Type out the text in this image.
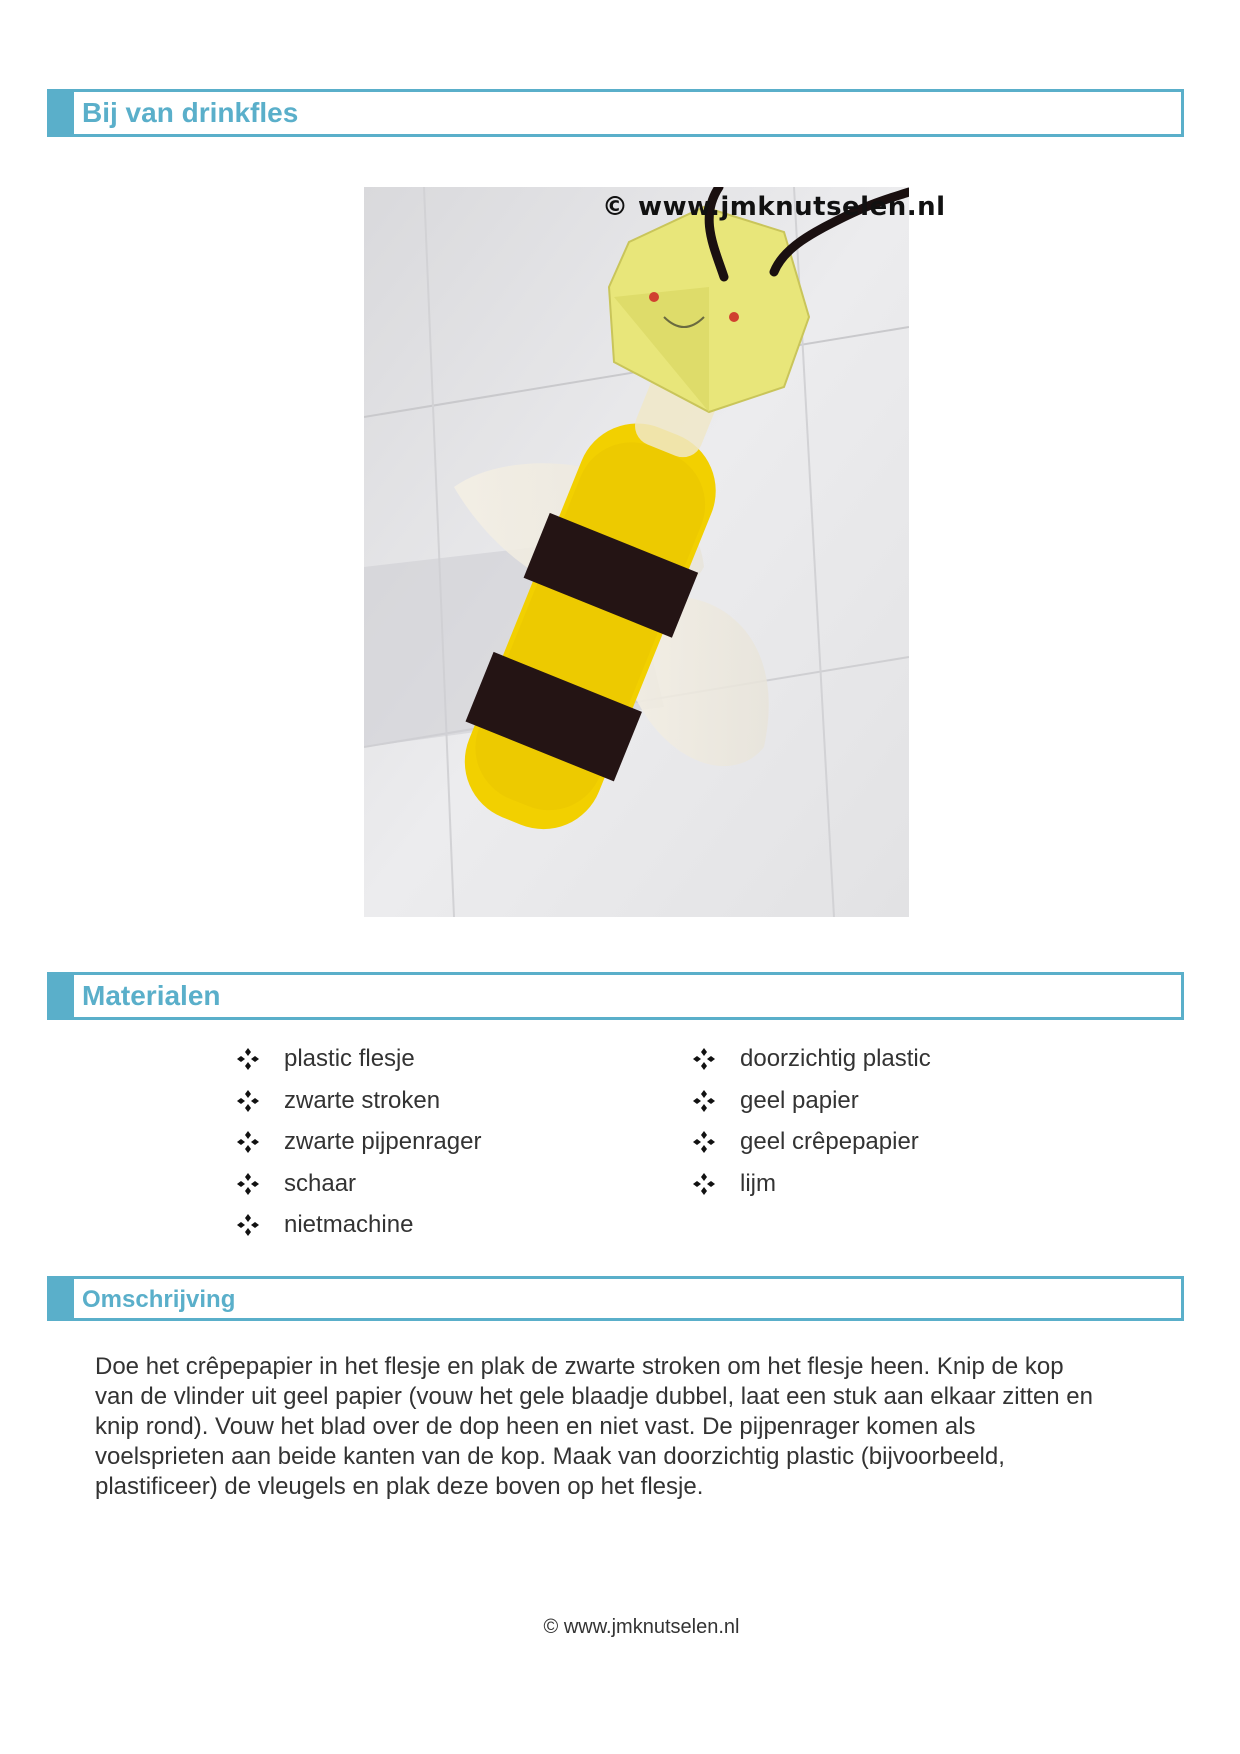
Bij van drinkfles
© www.jmknutselen.nl
Materialen
plastic flesje
zwarte stroken
zwarte pijpenrager
schaar
nietmachine
doorzichtig plastic
geel papier
geel crêpepapier
lijm
Omschrijving
Doe het crêpepapier in het flesje en plak de zwarte stroken om het flesje heen. Knip de kop
van de vlinder uit geel papier (vouw het gele blaadje dubbel, laat een stuk aan elkaar zitten en
knip rond). Vouw het blad over de dop heen en niet vast. De pijpenrager komen als
voelsprieten aan beide kanten van de kop. Maak van doorzichtig plastic (bijvoorbeeld,
plastificeer) de vleugels en plak deze boven op het flesje.
© www.jmknutselen.nl
